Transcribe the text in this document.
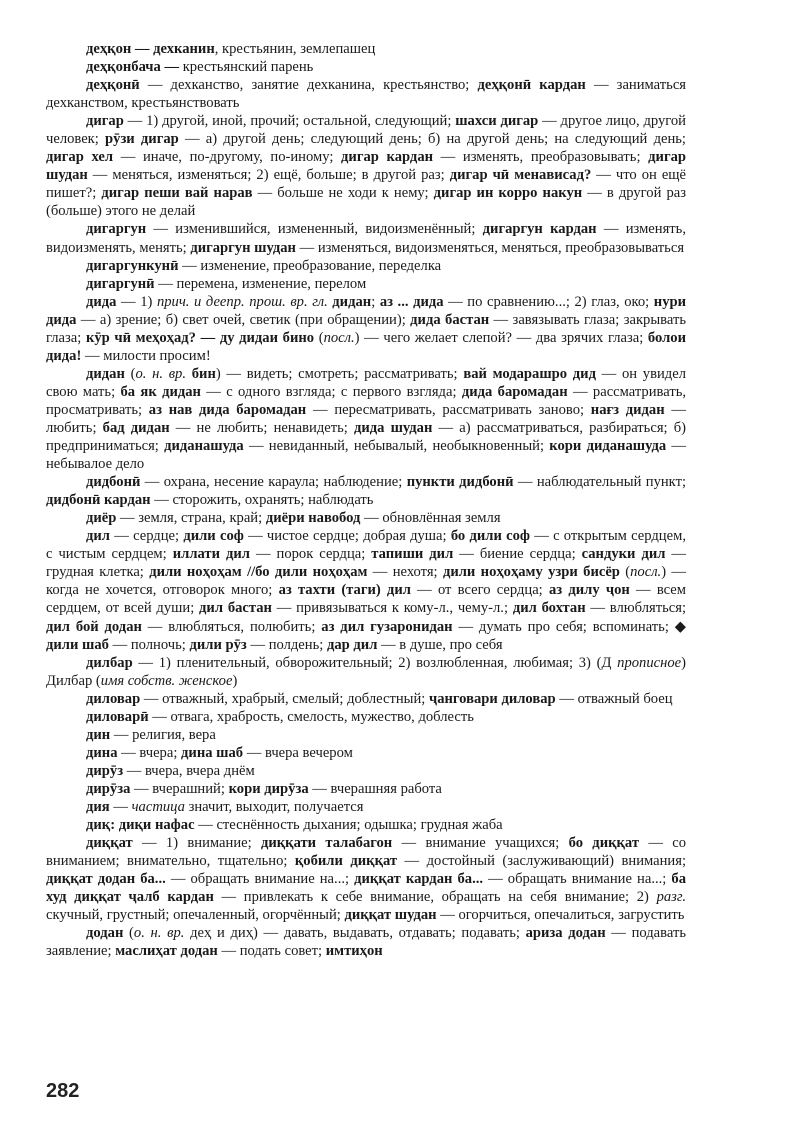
деҳқон — дехканин, крестьянин, землепашец

деҳқонбача — крестьянский парень

деҳқонӣ — дехканство, занятие дехканина, крестьянство; деҳқонӣ кардан — заниматься дехканством, крестьянствовать

дигар — 1) другой, иной, прочий; остальной, следующий; шахси дигар — другое лицо, другой человек; рӯзи дигар — а) другой день; следующий день; б) на другой день; на следующий день; дигар хел — иначе, по-другому, по-иному; дигар кардан — изменять, преобразовывать; дигар шудан — меняться, изменяться; 2) ещё, больше; в другой раз; дигар чӣ менависад? — что он ещё пишет?; дигар пеши вай нарав — больше не ходи к нему; дигар ин корро накун — в другой раз (больше) этого не делай

дигаргун — изменившийся, измененный, видоизменённый; дигаргун кардан — изменять, видоизменять, менять; дигаргун шудан — изменяться, видоизменяться, меняться, преобразовываться

дигаргункунӣ — изменение, преобразование, переделка

дигаргунӣ — перемена, изменение, перелом

дида — 1) прич. и деепр. прош. вр. гл. дидан; аз ... дида — по сравнению...; 2) глаз, око; нури дида — а) зрение; б) свет очей, светик (при обращении); дида бастан — завязывать глаза; закрывать глаза; кӯр чӣ меҳоҳад? — ду дидаи бино (посл.) — чего желает слепой? — два зрячих глаза; болои дида! — милости просим!

дидан (о. н. вр. бин) — видеть; смотреть; рассматривать; вай модарашро дид — он увидел свою мать; ба як дидан — с одного взгляда; с первого взгляда; дида баромадан — рассматривать, просматривать; аз нав дида баромадан — пересматривать, рассматривать заново; нағз дидан — любить; бад дидан — не любить; ненавидеть; дида шудан — а) рассматриваться, разбираться; б) предприниматься; диданашуда — невиданный, небывалый, необыкновенный; кори диданашуда — небывалое дело

дидбонӣ — охрана, несение караула; наблюдение; пункти дидбонӣ — наблюдательный пункт; дидбонӣ кардан — сторожить, охранять; наблюдать

диёр — земля, страна, край; диёри навобод — обновлённая земля

дил — сердце; дили соф — чистое сердце; добрая душа; бо дили соф — с открытым сердцем, с чистым сердцем; иллати дил — порок сердца; тапиши дил — биение сердца; сандуки дил — грудная клетка; дили ноҳоҳам //бо дили ноҳоҳам — нехотя; дили ноҳоҳаму узри бисёр (посл.) — когда не хочется, отговорок много; аз тахти (таги) дил — от всего сердца; аз дилу ҷон — всем сердцем, от всей души; дил бастан — привязываться к кому-л., чему-л.; дил бохтан — влюбляться; дил бой додан — влюбляться, полюбить; аз дил гузаронидан — думать про себя; вспоминать; ◆ дили шаб — полночь; дили рӯз — полдень; дар дил — в душе, про себя

дилбар — 1) пленительный, обворожительный; 2) возлюбленная, любимая; 3) (Д прописное) Дилбар (имя собств. женское)

диловар — отважный, храбрый, смелый; доблестный; ҷанговари диловар — отважный боец

диловарӣ — отвага, храбрость, смелость, мужество, доблесть

дин — религия, вера

дина — вчера; дина шаб — вчера вечером

дирӯз — вчера, вчера днём

дирӯза — вчерашний; кори дирӯза — вчерашняя работа

дия — частица значит, выходит, получается

диқ: диқи нафас — стеснённость дыхания; одышка; грудная жаба

диққат — 1) внимание; диққати талабагон — внимание учащихся; бо диққат — со вниманием; внимательно, тщательно; қобили диққат — достойный (заслуживающий) внимания; диққат додан ба... — обращать внимание на...; диққат кардан ба... — обращать внимание на...; ба худ диққат ҷалб кардан — привлекать к себе внимание, обращать на себя внимание; 2) разг. скучный, грустный; опечаленный, огорчённый; диққат шудан — огорчиться, опечалиться, загрустить

додан (о. н. вр. деҳ и диҳ) — давать, выдавать, отдавать; подавать; ариза додан — подавать заявление; маслиҳат додан — подать совет; имтиҳон

282
